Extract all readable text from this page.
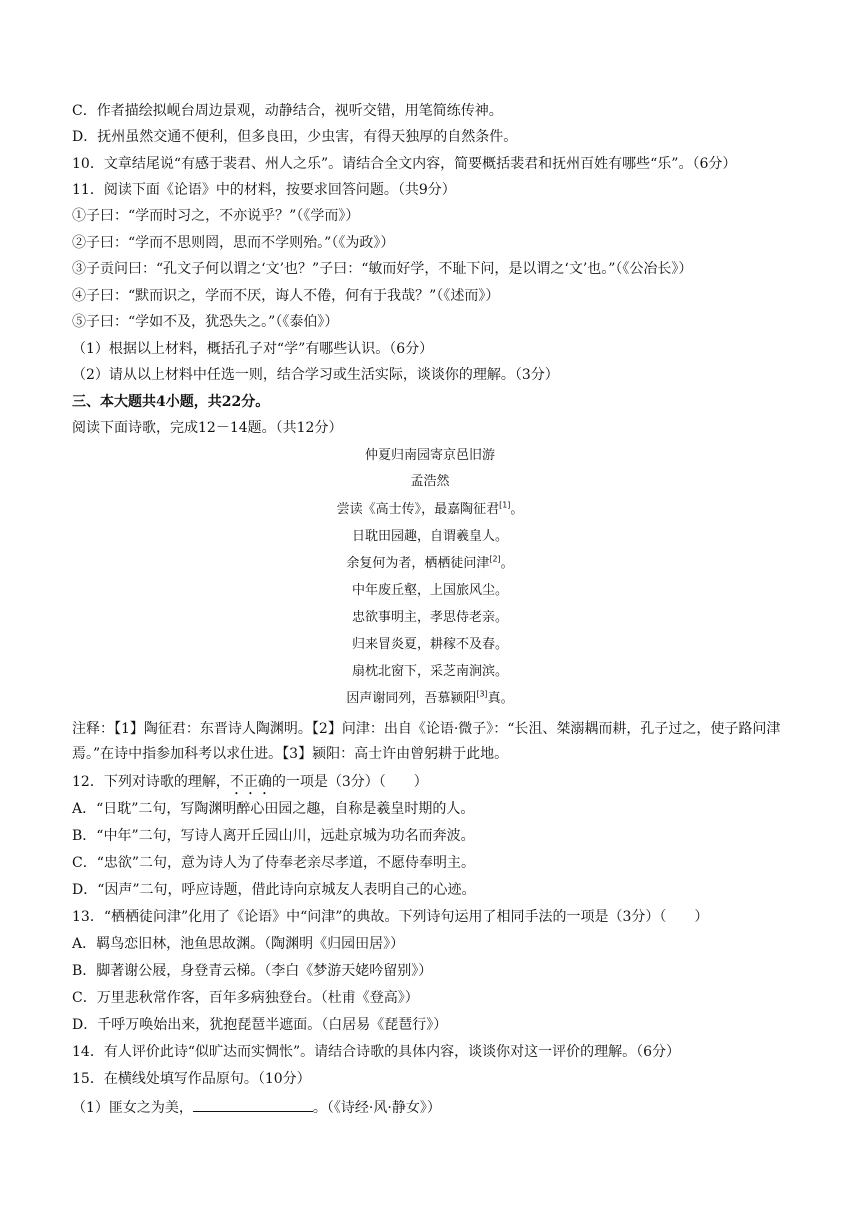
C．作者描绘拟岘台周边景观，动静结合，视听交错，用笔简练传神。
D．抚州虽然交通不便利，但多良田，少虫害，有得天独厚的自然条件。
10．文章结尾说“有感于裴君、州人之乐”。请结合全文内容，简要概括裴君和抚州百姓有哪些“乐”。（6分）
11．阅读下面《论语》中的材料，按要求回答问题。（共9分）
①子曰：“学而时习之，不亦说乎？”（《学而》）
②子曰：“学而不思则罔，思而不学则殆。”（《为政》）
③子贡问曰：“孔文子何以谓之‘文’也？”子曰：“敏而好学，不耻下问，是以谓之‘文’也。”（《公冶长》）
④子曰：“默而识之，学而不厌，诲人不倦，何有于我哉？”（《述而》）
⑤子曰：“学如不及，犹恐失之。”（《泰伯》）
（1）根据以上材料，概括孔子对“学”有哪些认识。（6分）
（2）请从以上材料中任选一则，结合学习或生活实际，谈谈你的理解。（3分）
三、本大题共4小题，共22分。
阅读下面诗歌，完成12－14题。（共12分）
仲夏归南园寄京邑旧游
孟浩然
尝读《高士传》，最嘉陶征君[1]。
日耽田园趣，自谓羲皇人。
余复何为者，栖栖徒问津[2]。
中年废丘壑，上国旅风尘。
忠欲事明主，孝思侍老亲。
归来冒炎夏，耕稼不及春。
扇枕北窗下，采芝南涧滨。
因声谢同列，吾慕颍阳[3]真。
注释：【1】陶征君：东晋诗人陶渊明。【2】问津：出自《论语·微子》：“长沮、桀溺耦而耕，孔子过之，使子路问津焉。”在诗中指参加科考以求仕进。【3】颍阳：高士许由曾躬耕于此地。
12．下列对诗歌的理解，不正确的一项是（3分）（　　）
A．“日耽”二句，写陶渊明醉心田园之趣，自称是羲皇时期的人。
B．“中年”二句，写诗人离开丘园山川，远赴京城为功名而奔波。
C．“忠欲”二句，意为诗人为了侍奉老亲尽孝道，不愿侍奉明主。
D．“因声”二句，呼应诗题，借此诗向京城友人表明自己的心迹。
13．“栖栖徒问津”化用了《论语》中“问津”的典故。下列诗句运用了相同手法的一项是（3分）（　　）
A．羁鸟恋旧林，池鱼思故渊。（陶渊明《归园田居》）
B．脚著谢公屐，身登青云梯。（李白《梦游天姥吟留别》）
C．万里悲秋常作客，百年多病独登台。（杜甫《登高》）
D．千呼万唤始出来，犹抱琵琶半遮面。（白居易《琵琶行》）
14．有人评价此诗“似旷达而实惆怅”。请结合诗歌的具体内容，谈谈你对这一评价的理解。（6分）
15．在横线处填写作品原句。（10分）
（1）匪女之为美，	。（《诗经·风·静女》）
